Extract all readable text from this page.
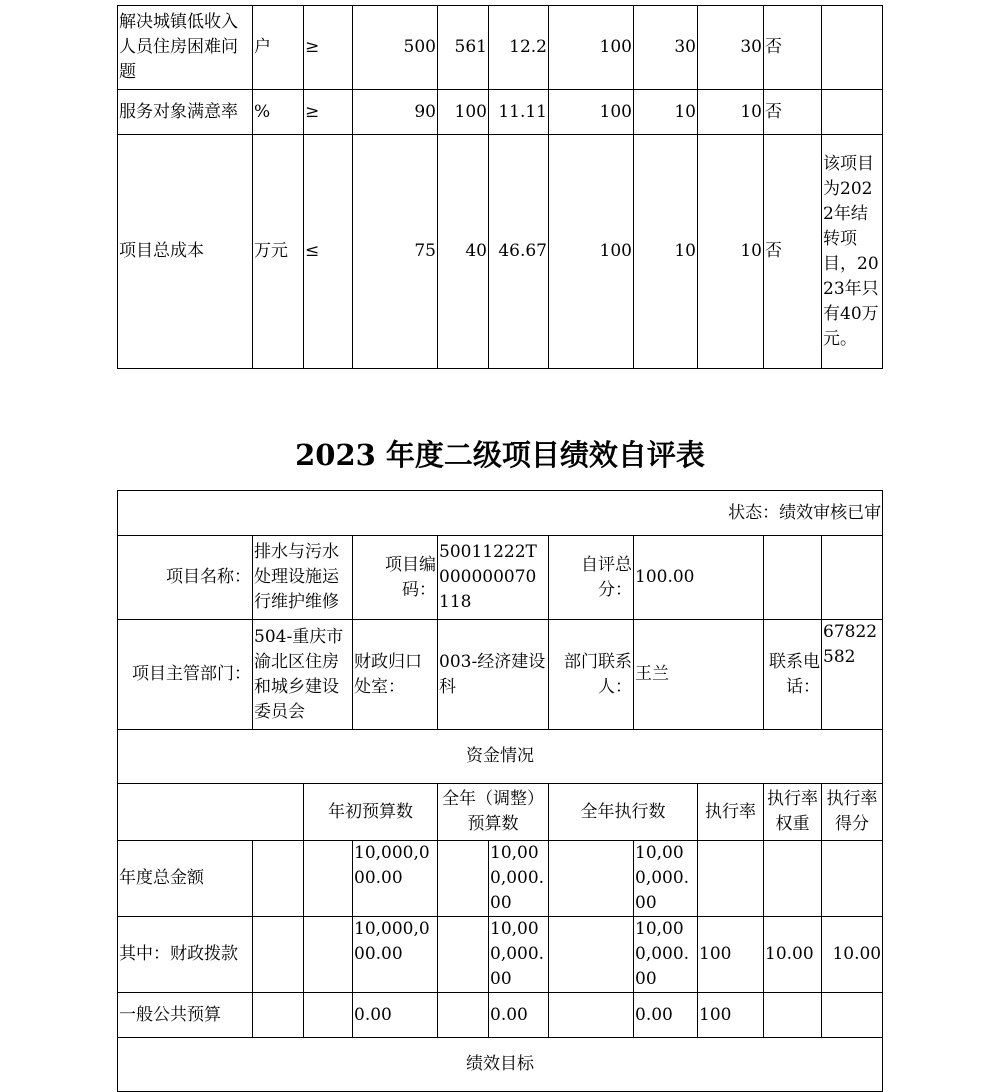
解决城镇低收入人员住房困难问题	户	≥	500	561	12.2	100	30	30	否	
服务对象满意率	%	≥	90	100	11.11	100	10	10	否	
项目总成本	万元	≤	75	40	46.67	100	10	10	否	该项目为2022年结转项目，2023年只有40万元。
2023 年度二级项目绩效自评表
状态：绩效审核已审										
项目名称：	排水与污水处理设施运行维护维修		项目编码：	50011222T000000070118		自评总分：	100.00			
项目主管部门：	504-重庆市渝北区住房和城乡建设委员会		财政归口处室：	003-经济建设科		部门联系人：	王兰		联系电话：	67822582
资金情况										
		年初预算数		全年（调整）预算数		全年执行数		执行率	执行率权重	执行率得分
年度总金额			10,000,000.00		10,000,000.00		10,000,000.00			
其中：财政拨款			10,000,000.00		10,000,000.00		10,000,000.00	100	10.00	10.00
一般公共预算			0.00		0.00		0.00	100		
绩效目标										
